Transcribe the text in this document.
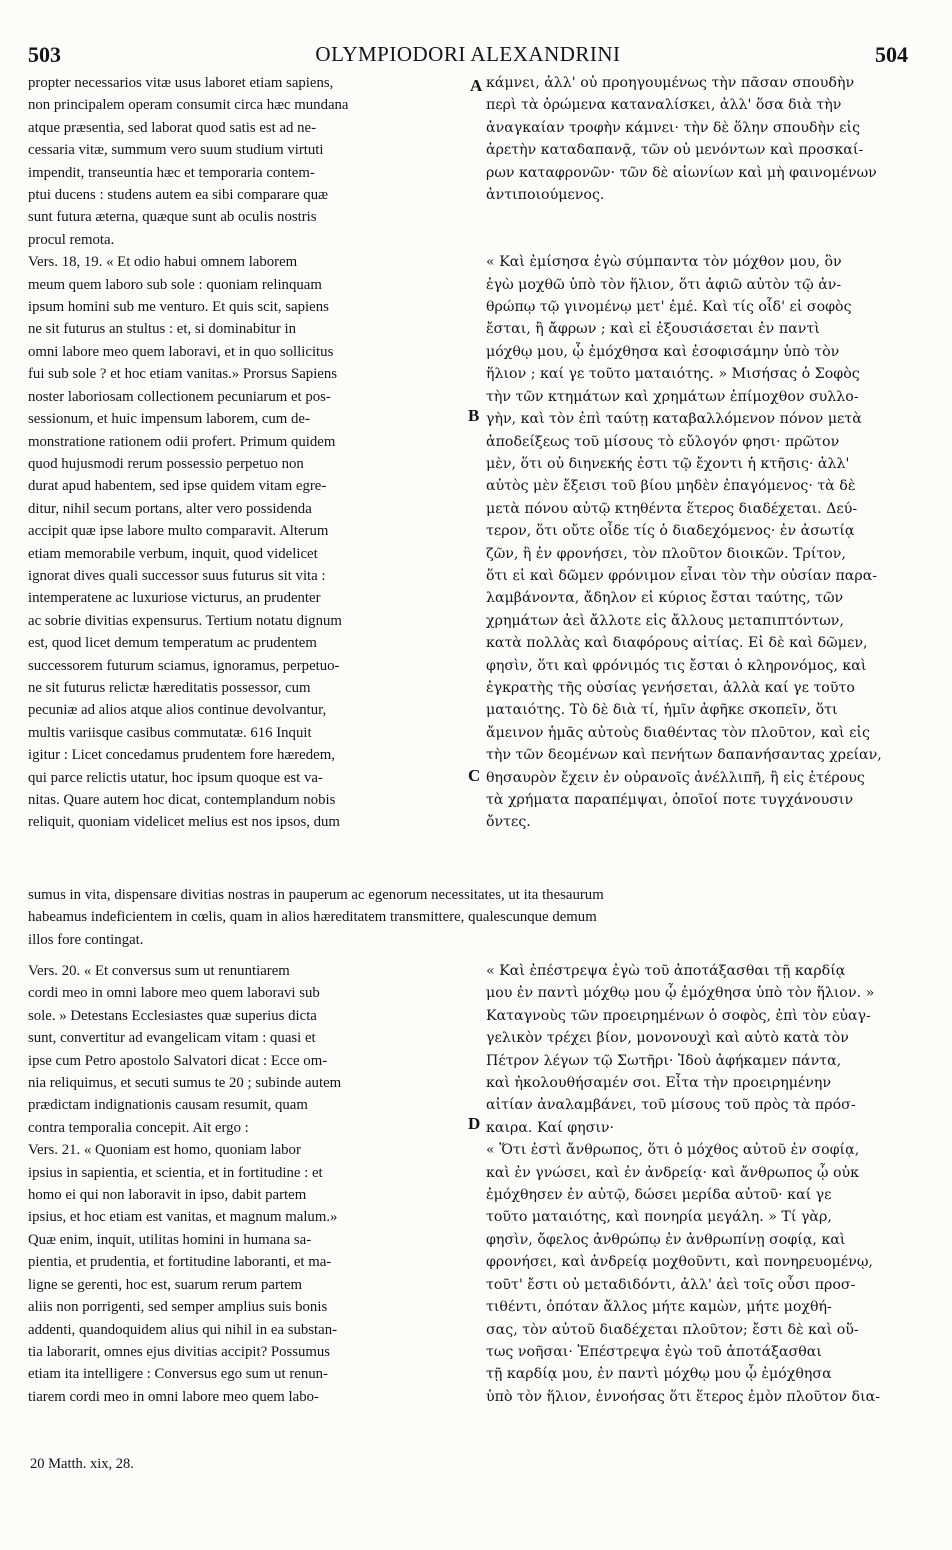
503	OLYMPIODORI ALEXANDRINI	504
A
B
C
D
propter necessarios vitæ usus laboret etiam sapiens,
non principalem operam consumit circa hæc mundana
atque præsentia, sed laborat quod satis est ad ne-
cessaria vitæ, summum vero suum studium virtuti
impendit, transeuntia hæc et temporaria contem-
ptui ducens : studens autem ea sibi comparare quæ
sunt futura æterna, quæque sunt ab oculis nostris
procul remota.
Vers. 18, 19. « Et odio habui omnem laborem
meum quem laboro sub sole : quoniam relinquam
ipsum homini sub me venturo. Et quis scit, sapiens
ne sit futurus an stultus : et, si dominabitur in
omni labore meo quem laboravi, et in quo sollicitus
fui sub sole ? et hoc etiam vanitas.» Prorsus Sapiens
noster laboriosam collectionem pecuniarum et pos-
sessionum, et huic impensum laborem, cum de-
monstratione rationem odii profert. Primum quidem
quod hujusmodi rerum possessio perpetuo non
durat apud habentem, sed ipse quidem vitam egre-
ditur, nihil secum portans, alter vero possidenda
accipit quæ ipse labore multo comparavit. Alterum
etiam memorabile verbum, inquit, quod videlicet
ignorat dives quali successor suus futurus sit vita :
intemperatene ac luxuriose victurus, an prudenter
ac sobrie divitias expensurus. Tertium notatu dignum
est, quod licet demum temperatum ac prudentem
successorem futurum sciamus, ignoramus, perpetuo-
ne sit futurus relictæ hæreditatis possessor, cum
pecuniæ ad alios atque alios continue devolvantur,
multis variisque casibus commutatæ. 616 Inquit
igitur : Licet concedamus prudentem fore hæredem,
qui parce relictis utatur, hoc ipsum quoque est va-
nitas. Quare autem hoc dicat, contemplandum nobis
reliquit, quoniam videlicet melius est nos ipsos, dum
κάμνει, ἀλλ' οὐ προηγουμένως τὴν πᾶσαν σπουδὴν
περὶ τὰ ὁρώμενα καταναλίσκει, ἀλλ' ὅσα διὰ τὴν
ἀναγκαίαν τροφὴν κάμνει· τὴν δὲ ὅλην σπουδὴν εἰς
ἀρετὴν καταδαπανᾷ, τῶν οὐ μενόντων καὶ προσκαί-
ρων καταφρονῶν· τῶν δὲ αἰωνίων καὶ μὴ φαινομένων
ἀντιποιούμενος.

« Καὶ ἐμίσησα ἐγὼ σύμπαντα τὸν μόχθον μου, ὃν
ἐγὼ μοχθῶ ὑπὸ τὸν ἥλιον, ὅτι ἀφιῶ αὐτὸν τῷ ἀν-
θρώπῳ τῷ γινομένῳ μετ' ἐμέ. Καὶ τίς οἶδ' εἰ σοφὸς
ἔσται, ἢ ἄφρων ; καὶ εἰ ἐξουσιάσεται ἐν παντὶ
μόχθῳ μου, ᾧ ἐμόχθησα καὶ ἐσοφισάμην ὑπὸ τὸν
ἥλιον ; καί γε τοῦτο ματαιότης. » Μισήσας ὁ Σοφὸς
τὴν τῶν κτημάτων καὶ χρημάτων ἐπίμοχθον συλλο-
γὴν, καὶ τὸν ἐπὶ ταύτῃ καταβαλλόμενον πόνον μετὰ
ἀποδείξεως τοῦ μίσους τὸ εὔλογόν φησι· πρῶτον
μὲν, ὅτι οὐ διηνεκής ἐστι τῷ ἔχοντι ἡ κτῆσις· ἀλλ'
αὐτὸς μὲν ἔξεισι τοῦ βίου μηδὲν ἐπαγόμενος· τὰ δὲ
μετὰ πόνου αὐτῷ κτηθέντα ἕτερος διαδέχεται. Δεύ-
τερον, ὅτι οὔτε οἶδε τίς ὁ διαδεχόμενος· ἐν ἀσωτίᾳ
ζῶν, ἢ ἐν φρονήσει, τὸν πλοῦτον διοικῶν. Τρίτον,
ὅτι εἰ καὶ δῶμεν φρόνιμον εἶναι τὸν τὴν οὐσίαν παρα-
λαμβάνοντα, ἄδηλον εἰ κύριος ἔσται ταύτης, τῶν
χρημάτων ἀεὶ ἄλλοτε εἰς ἄλλους μεταπιπτόντων,
κατὰ πολλὰς καὶ διαφόρους αἰτίας. Εἰ δὲ καὶ δῶμεν,
φησὶν, ὅτι καὶ φρόνιμός τις ἔσται ὁ κληρονόμος, καὶ
ἐγκρατὴς τῆς οὐσίας γενήσεται, ἀλλὰ καί γε τοῦτο
ματαιότης. Τὸ δὲ διὰ τί, ἡμῖν ἀφῆκε σκοπεῖν, ὅτι
ἄμεινον ἡμᾶς αὐτοὺς διαθέντας τὸν πλοῦτον, καὶ εἰς
τὴν τῶν δεομένων καὶ πενήτων δαπανήσαντας χρείαν,
θησαυρὸν ἔχειν ἐν οὐρανοῖς ἀνέλλιπῆ, ἢ εἰς ἑτέρους
τὰ χρήματα παραπέμψαι, ὁποῖοί ποτε τυγχάνουσιν
ὄντες.
sumus in vita, dispensare divitias nostras in pauperum ac egenorum necessitates, ut ita thesaurum
habeamus indeficientem in cœlis, quam in alios hæreditatem transmittere, qualescunque demum
illos fore contingat.
Vers. 20. « Et conversus sum ut renuntiarem
cordi meo in omni labore meo quem laboravi sub
sole. » Detestans Ecclesiastes quæ superius dicta
sunt, convertitur ad evangelicam vitam : quasi et
ipse cum Petro apostolo Salvatori dicat : Ecce om-
nia reliquimus, et secuti sumus te 20 ; subinde autem
prædictam indignationis causam resumit, quam
contra temporalia concepit. Ait ergo :
Vers. 21. « Quoniam est homo, quoniam labor
ipsius in sapientia, et scientia, et in fortitudine : et
homo ei qui non laboravit in ipso, dabit partem
ipsius, et hoc etiam est vanitas, et magnum malum.»
Quæ enim, inquit, utilitas homini in humana sa-
pientia, et prudentia, et fortitudine laboranti, et ma-
ligne se gerenti, hoc est, suarum rerum partem
aliis non porrigenti, sed semper amplius suis bonis
addenti, quandoquidem alius qui nihil in ea substan-
tia laborarit, omnes ejus divitias accipit? Possumus
etiam ita intelligere : Conversus ego sum ut renun-
tiarem cordi meo in omni labore meo quem labo-
« Καὶ ἐπέστρεψα ἐγὼ τοῦ ἀποτάξασθαι τῇ καρδίᾳ
μου ἐν παντὶ μόχθῳ μου ᾧ ἐμόχθησα ὑπὸ τὸν ἥλιον. »
Καταγνοὺς τῶν προειρημένων ὁ σοφὸς, ἐπὶ τὸν εὐαγ-
γελικὸν τρέχει βίον, μονονουχὶ καὶ αὐτὸ κατὰ τὸν
Πέτρον λέγων τῷ Σωτῆρι· Ἰδοὺ ἀφήκαμεν πάντα,
καὶ ἠκολουθήσαμέν σοι. Εἶτα τὴν προειρημένην
αἰτίαν ἀναλαμβάνει, τοῦ μίσους τοῦ πρὸς τὰ πρόσ-
καιρα. Καί φησιν·
« Ὅτι ἐστὶ ἄνθρωπος, ὅτι ὁ μόχθος αὐτοῦ ἐν σοφίᾳ,
καὶ ἐν γνώσει, καὶ ἐν ἀνδρείᾳ· καὶ ἄνθρωπος ᾧ οὐκ
ἐμόχθησεν ἐν αὐτῷ, δώσει μερίδα αὐτοῦ· καί γε
τοῦτο ματαιότης, καὶ πονηρία μεγάλη. » Τί γὰρ,
φησὶν, ὄφελος ἀνθρώπῳ ἐν ἀνθρωπίνῃ σοφίᾳ, καὶ
φρονήσει, καὶ ἀνδρείᾳ μοχθοῦντι, καὶ πονηρευομένῳ,
τοῦτ' ἔστι οὐ μεταδιδόντι, ἀλλ' ἀεὶ τοῖς οὖσι προσ-
τιθέντι, ὁπόταν ἄλλος μήτε καμὼν, μήτε μοχθή-
σας, τὸν αὐτοῦ διαδέχεται πλοῦτον; ἔστι δὲ καὶ οὕ-
τως νοῆσαι· Ἐπέστρεψα ἐγὼ τοῦ ἀποτάξασθαι
τῇ καρδίᾳ μου, ἐν παντὶ μόχθῳ μου ᾧ ἐμόχθησα
ὑπὸ τὸν ἥλιον, ἐννοήσας ὅτι ἕτερος ἐμὸν πλοῦτον δια-
20 Matth. xix, 28.
